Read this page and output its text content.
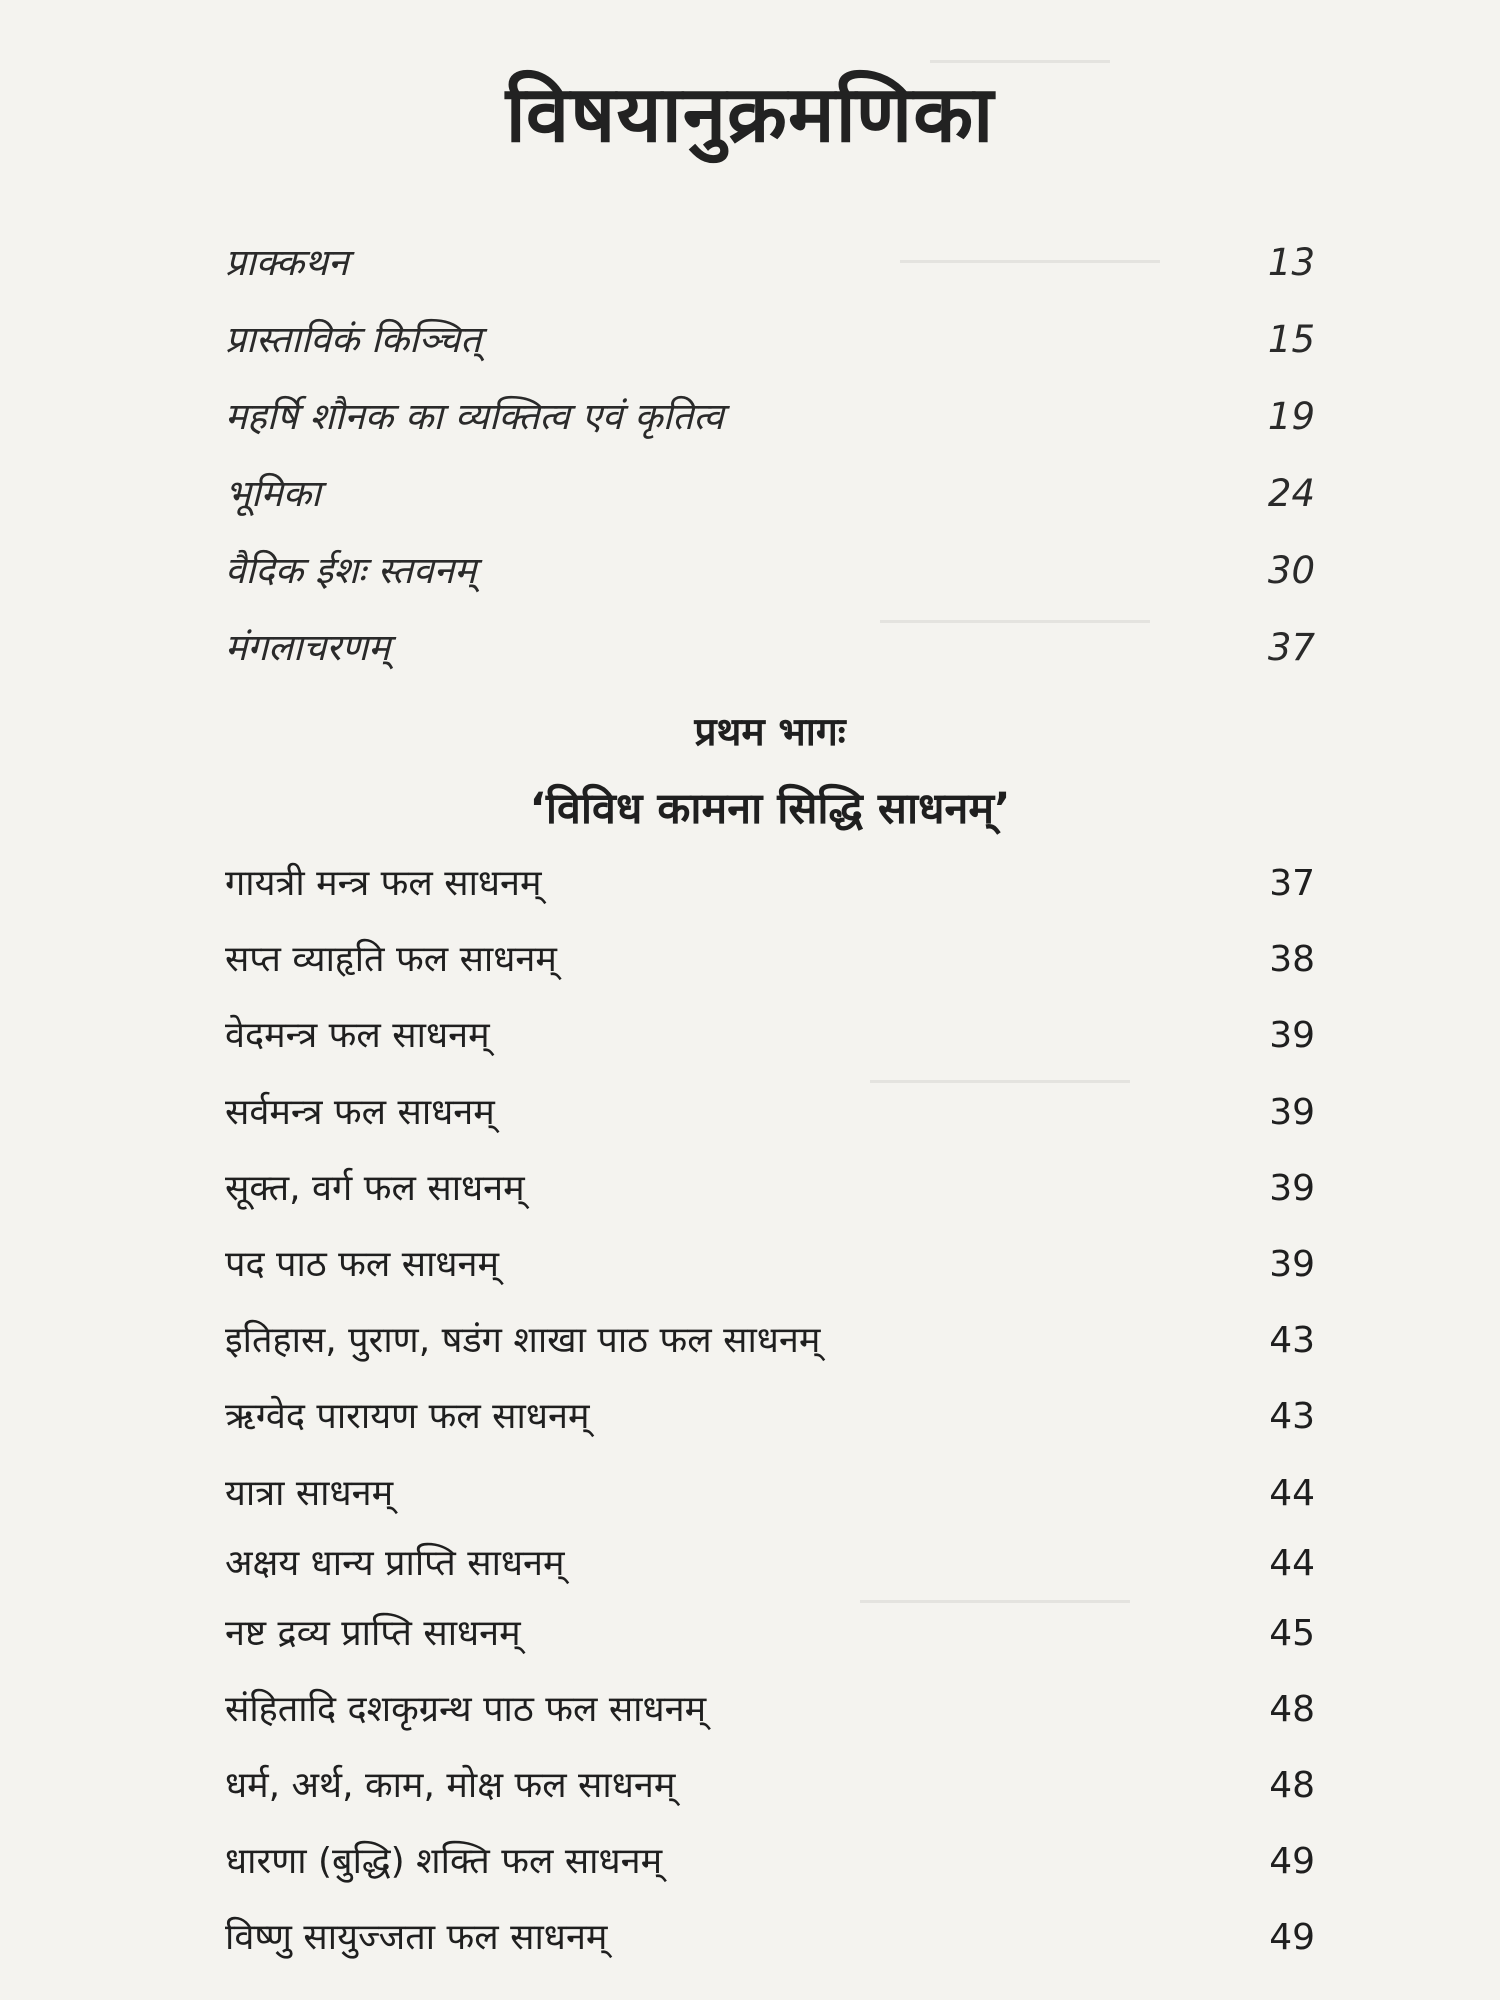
विषयानुक्रमणिका
प्राक्कथन	13
प्रास्ताविकं किञ्चित्	15
महर्षि शौनक का व्यक्तित्व एवं कृतित्व	19
भूमिका	24
वैदिक ईशः स्तवनम्	30
मंगलाचरणम्	37
प्रथम भागः
‘विविध कामना सिद्धि साधनम्’
गायत्री मन्त्र फल साधनम्	37
सप्त व्याहृति फल साधनम्	38
वेदमन्त्र फल साधनम्	39
सर्वमन्त्र फल साधनम्	39
सूक्त, वर्ग फल साधनम्	39
पद पाठ फल साधनम्	39
इतिहास, पुराण, षडंग शाखा पाठ फल साधनम्	43
ऋग्वेद पारायण फल साधनम्	43
यात्रा साधनम्	44
अक्षय धान्य प्राप्ति साधनम्	44
नष्ट द्रव्य प्राप्ति साधनम्	45
संहितादि दशकृग्रन्थ पाठ फल साधनम्	48
धर्म, अर्थ, काम, मोक्ष फल साधनम्	48
धारणा (बुद्धि) शक्ति फल साधनम्	49
विष्णु सायुज्जता फल साधनम्	49
